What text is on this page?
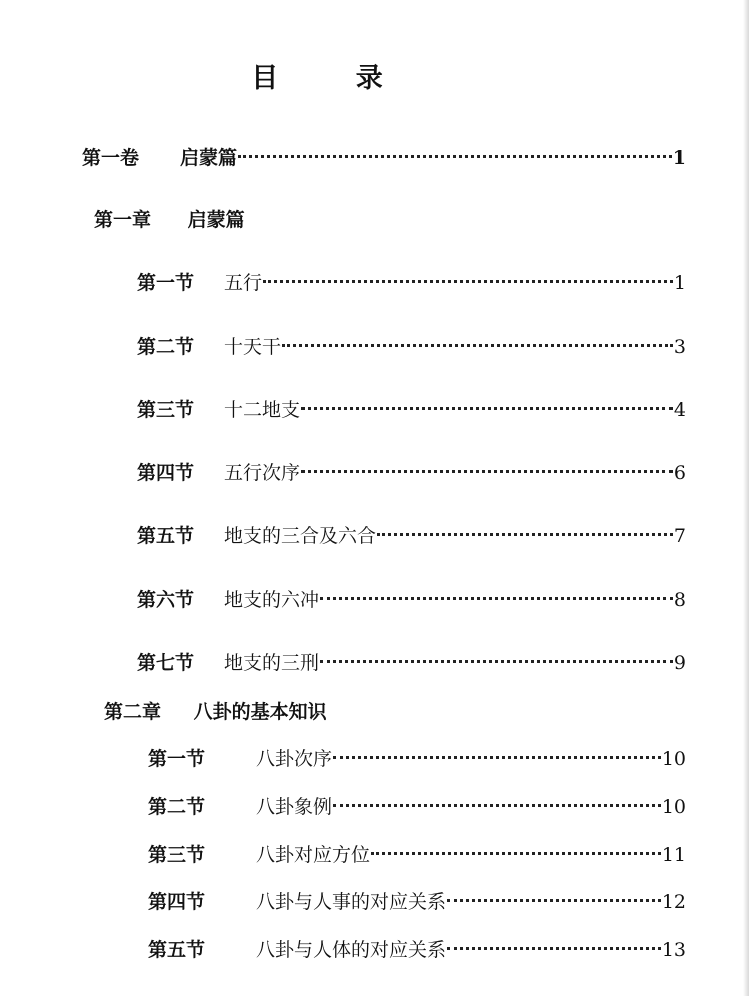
目 录
第一卷	启蒙篇	1
第一章 启蒙篇
第一节	五行	1
第二节	十天干	3
第三节	十二地支	4
第四节	五行次序	6
第五节	地支的三合及六合	7
第六节	地支的六冲	8
第七节	地支的三刑	9
第二章 八卦的基本知识
第一节	八卦次序	10
第二节	八卦象例	10
第三节	八卦对应方位	11
第四节	八卦与人事的对应关系	12
第五节	八卦与人体的对应关系	13
